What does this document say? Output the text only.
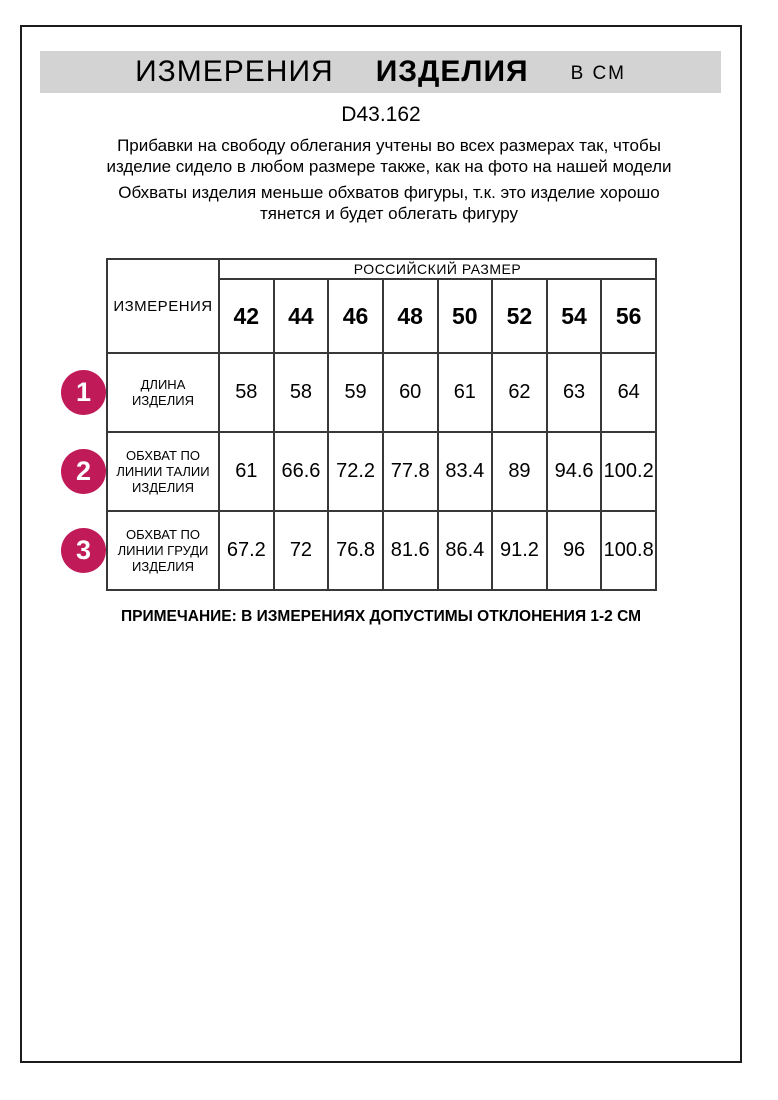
ИЗМЕРЕНИЯ ИЗДЕЛИЯ В СМ
D43.162

Прибавки на свободу облегания учтены во всех размерах так, чтобы изделие сидело в любом размере также, как на фото на нашей модели

Обхваты изделия меньше обхватов фигуры, т.к. это изделие хорошо тянется и будет облегать фигуру

ИЗМЕРЕНИЯ	РОССИЙСКИЙ РАЗМЕР							
	42	44	46	48	50	52	54	56
ДЛИНА ИЗДЕЛИЯ	58	58	59	60	61	62	63	64
ОБХВАТ ПО ЛИНИИ ТАЛИИ ИЗДЕЛИЯ	61	66.6	72.2	77.8	83.4	89	94.6	100.2
ОБХВАТ ПО ЛИНИИ ГРУДИ ИЗДЕЛИЯ	67.2	72	76.8	81.6	86.4	91.2	96	100.8
1
2
3
ПРИМЕЧАНИЕ: В ИЗМЕРЕНИЯХ ДОПУСТИМЫ ОТКЛОНЕНИЯ 1-2 СМ
